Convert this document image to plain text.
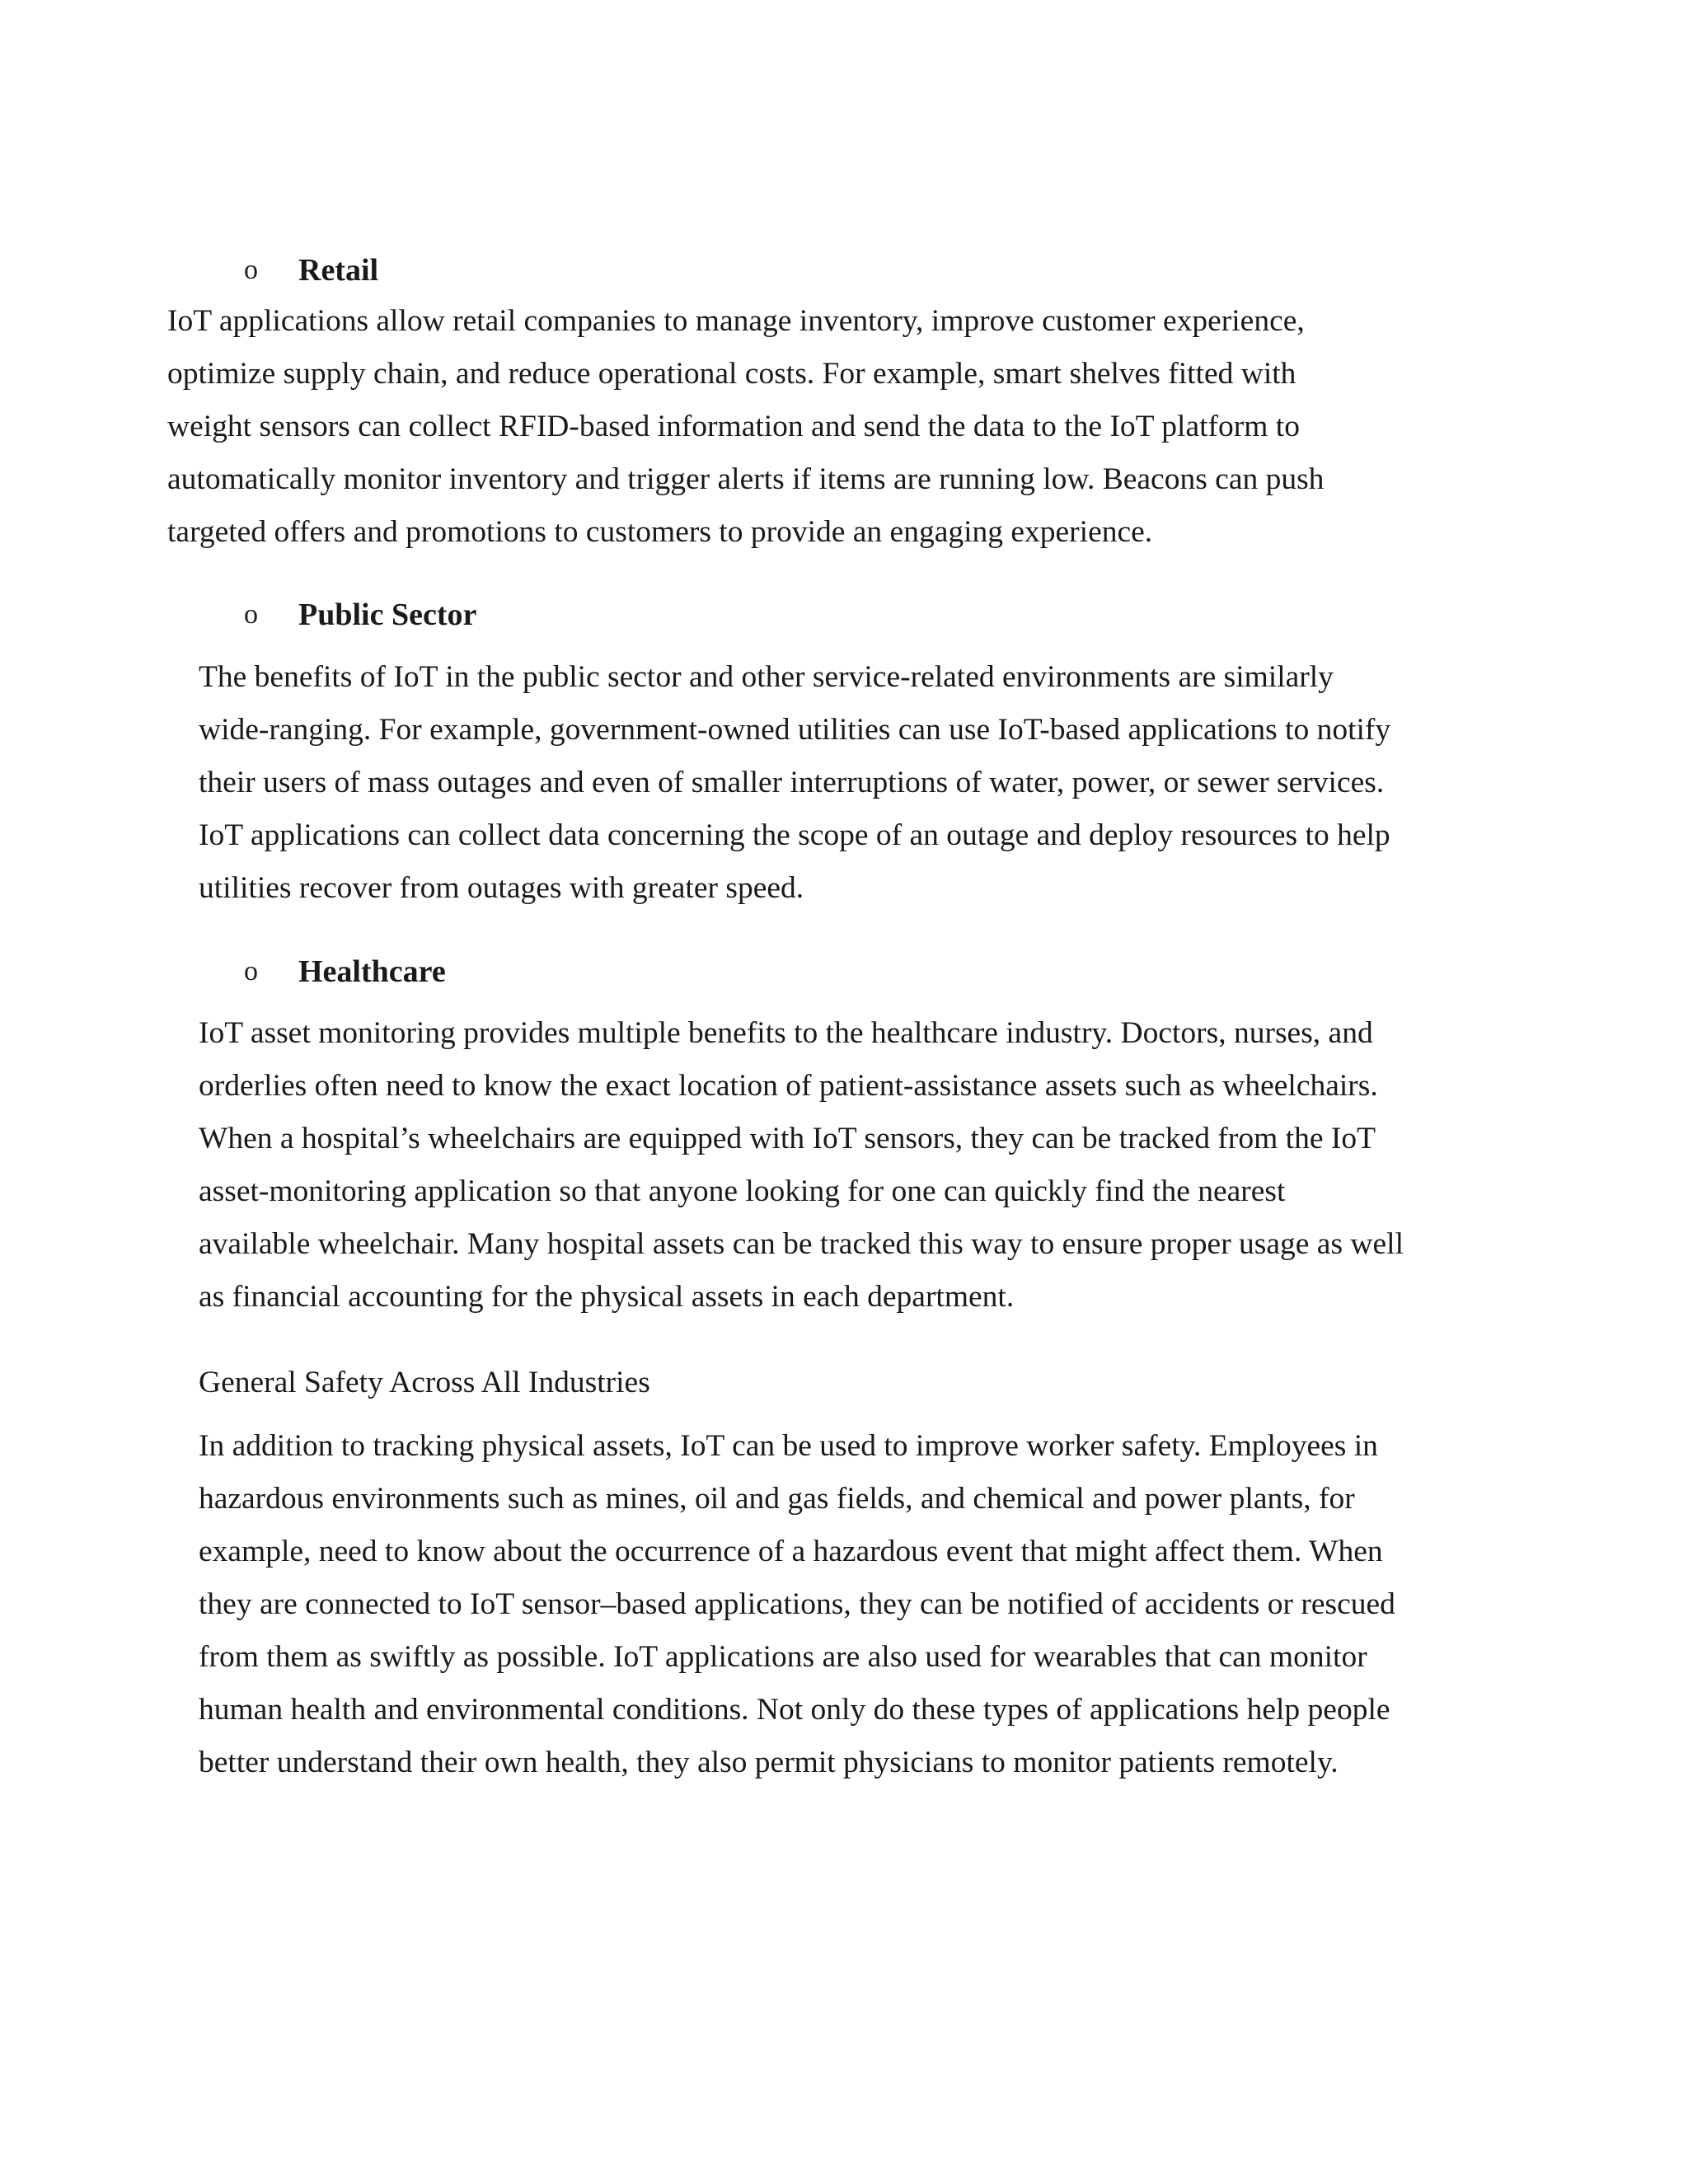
o Retail
IoT applications allow retail companies to manage inventory, improve customer experience,
optimize supply chain, and reduce operational costs. For example, smart shelves fitted with
weight sensors can collect RFID-based information and send the data to the IoT platform to
automatically monitor inventory and trigger alerts if items are running low. Beacons can push
targeted offers and promotions to customers to provide an engaging experience.
o Public Sector
The benefits of IoT in the public sector and other service-related environments are similarly
wide-ranging. For example, government-owned utilities can use IoT-based applications to notify
their users of mass outages and even of smaller interruptions of water, power, or sewer services.
IoT applications can collect data concerning the scope of an outage and deploy resources to help
utilities recover from outages with greater speed.
o Healthcare
IoT asset monitoring provides multiple benefits to the healthcare industry. Doctors, nurses, and
orderlies often need to know the exact location of patient-assistance assets such as wheelchairs.
When a hospital’s wheelchairs are equipped with IoT sensors, they can be tracked from the IoT
asset-monitoring application so that anyone looking for one can quickly find the nearest
available wheelchair. Many hospital assets can be tracked this way to ensure proper usage as well
as financial accounting for the physical assets in each department.
General Safety Across All Industries
In addition to tracking physical assets, IoT can be used to improve worker safety. Employees in
hazardous environments such as mines, oil and gas fields, and chemical and power plants, for
example, need to know about the occurrence of a hazardous event that might affect them. When
they are connected to IoT sensor–based applications, they can be notified of accidents or rescued
from them as swiftly as possible. IoT applications are also used for wearables that can monitor
human health and environmental conditions. Not only do these types of applications help people
better understand their own health, they also permit physicians to monitor patients remotely.
